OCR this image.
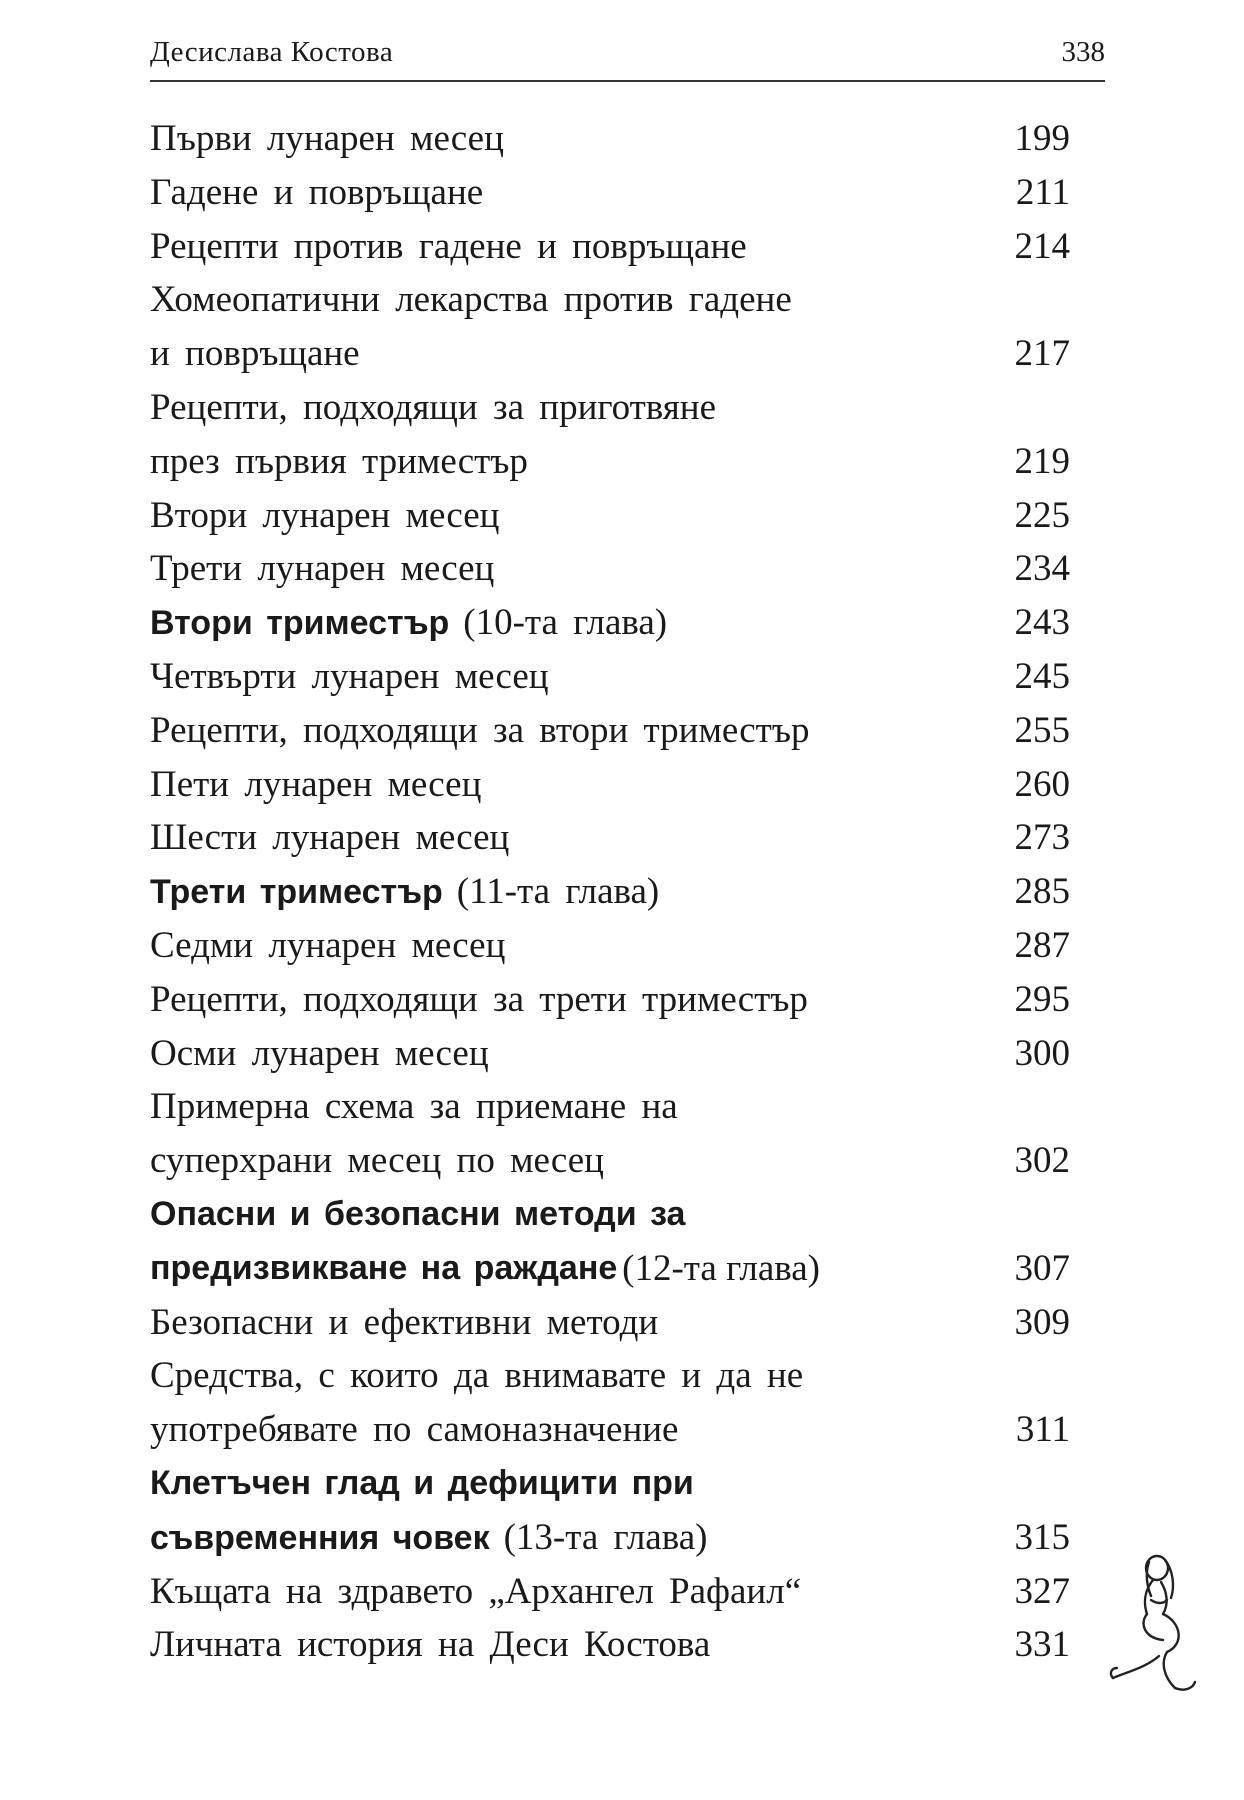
Десислава Костова	338
Първи лунарен месец	199
Гадене и повръщане	211
Рецепти против гадене и повръщане	214
Хомеопатични лекарства против гадене
и повръщане	217
Рецепти, подходящи за приготвяне
през първия триместър	219
Втори лунарен месец	225
Трети лунарен месец	234
Втори триместър (10-та глава)	243
Четвърти лунарен месец	245
Рецепти, подходящи за втори триместър	255
Пети лунарен месец	260
Шести лунарен месец	273
Трети триместър (11-та глава)	285
Седми лунарен месец	287
Рецепти, подходящи за трети триместър	295
Осми лунарен месец	300
Примерна схема за приемане на
суперхрани месец по месец	302
Опасни и безопасни методи за
предизвикване на раждане (12-та глава)	307
Безопасни и ефективни методи	309
Средства, с които да внимавате и да не
употребявате по самоназначение	311
Клетъчен глад и дефицити при
съвременния човек (13-та глава)	315
Къщата на здравето „Архангел Рафаил“	327
Личната история на Деси Костова	331
